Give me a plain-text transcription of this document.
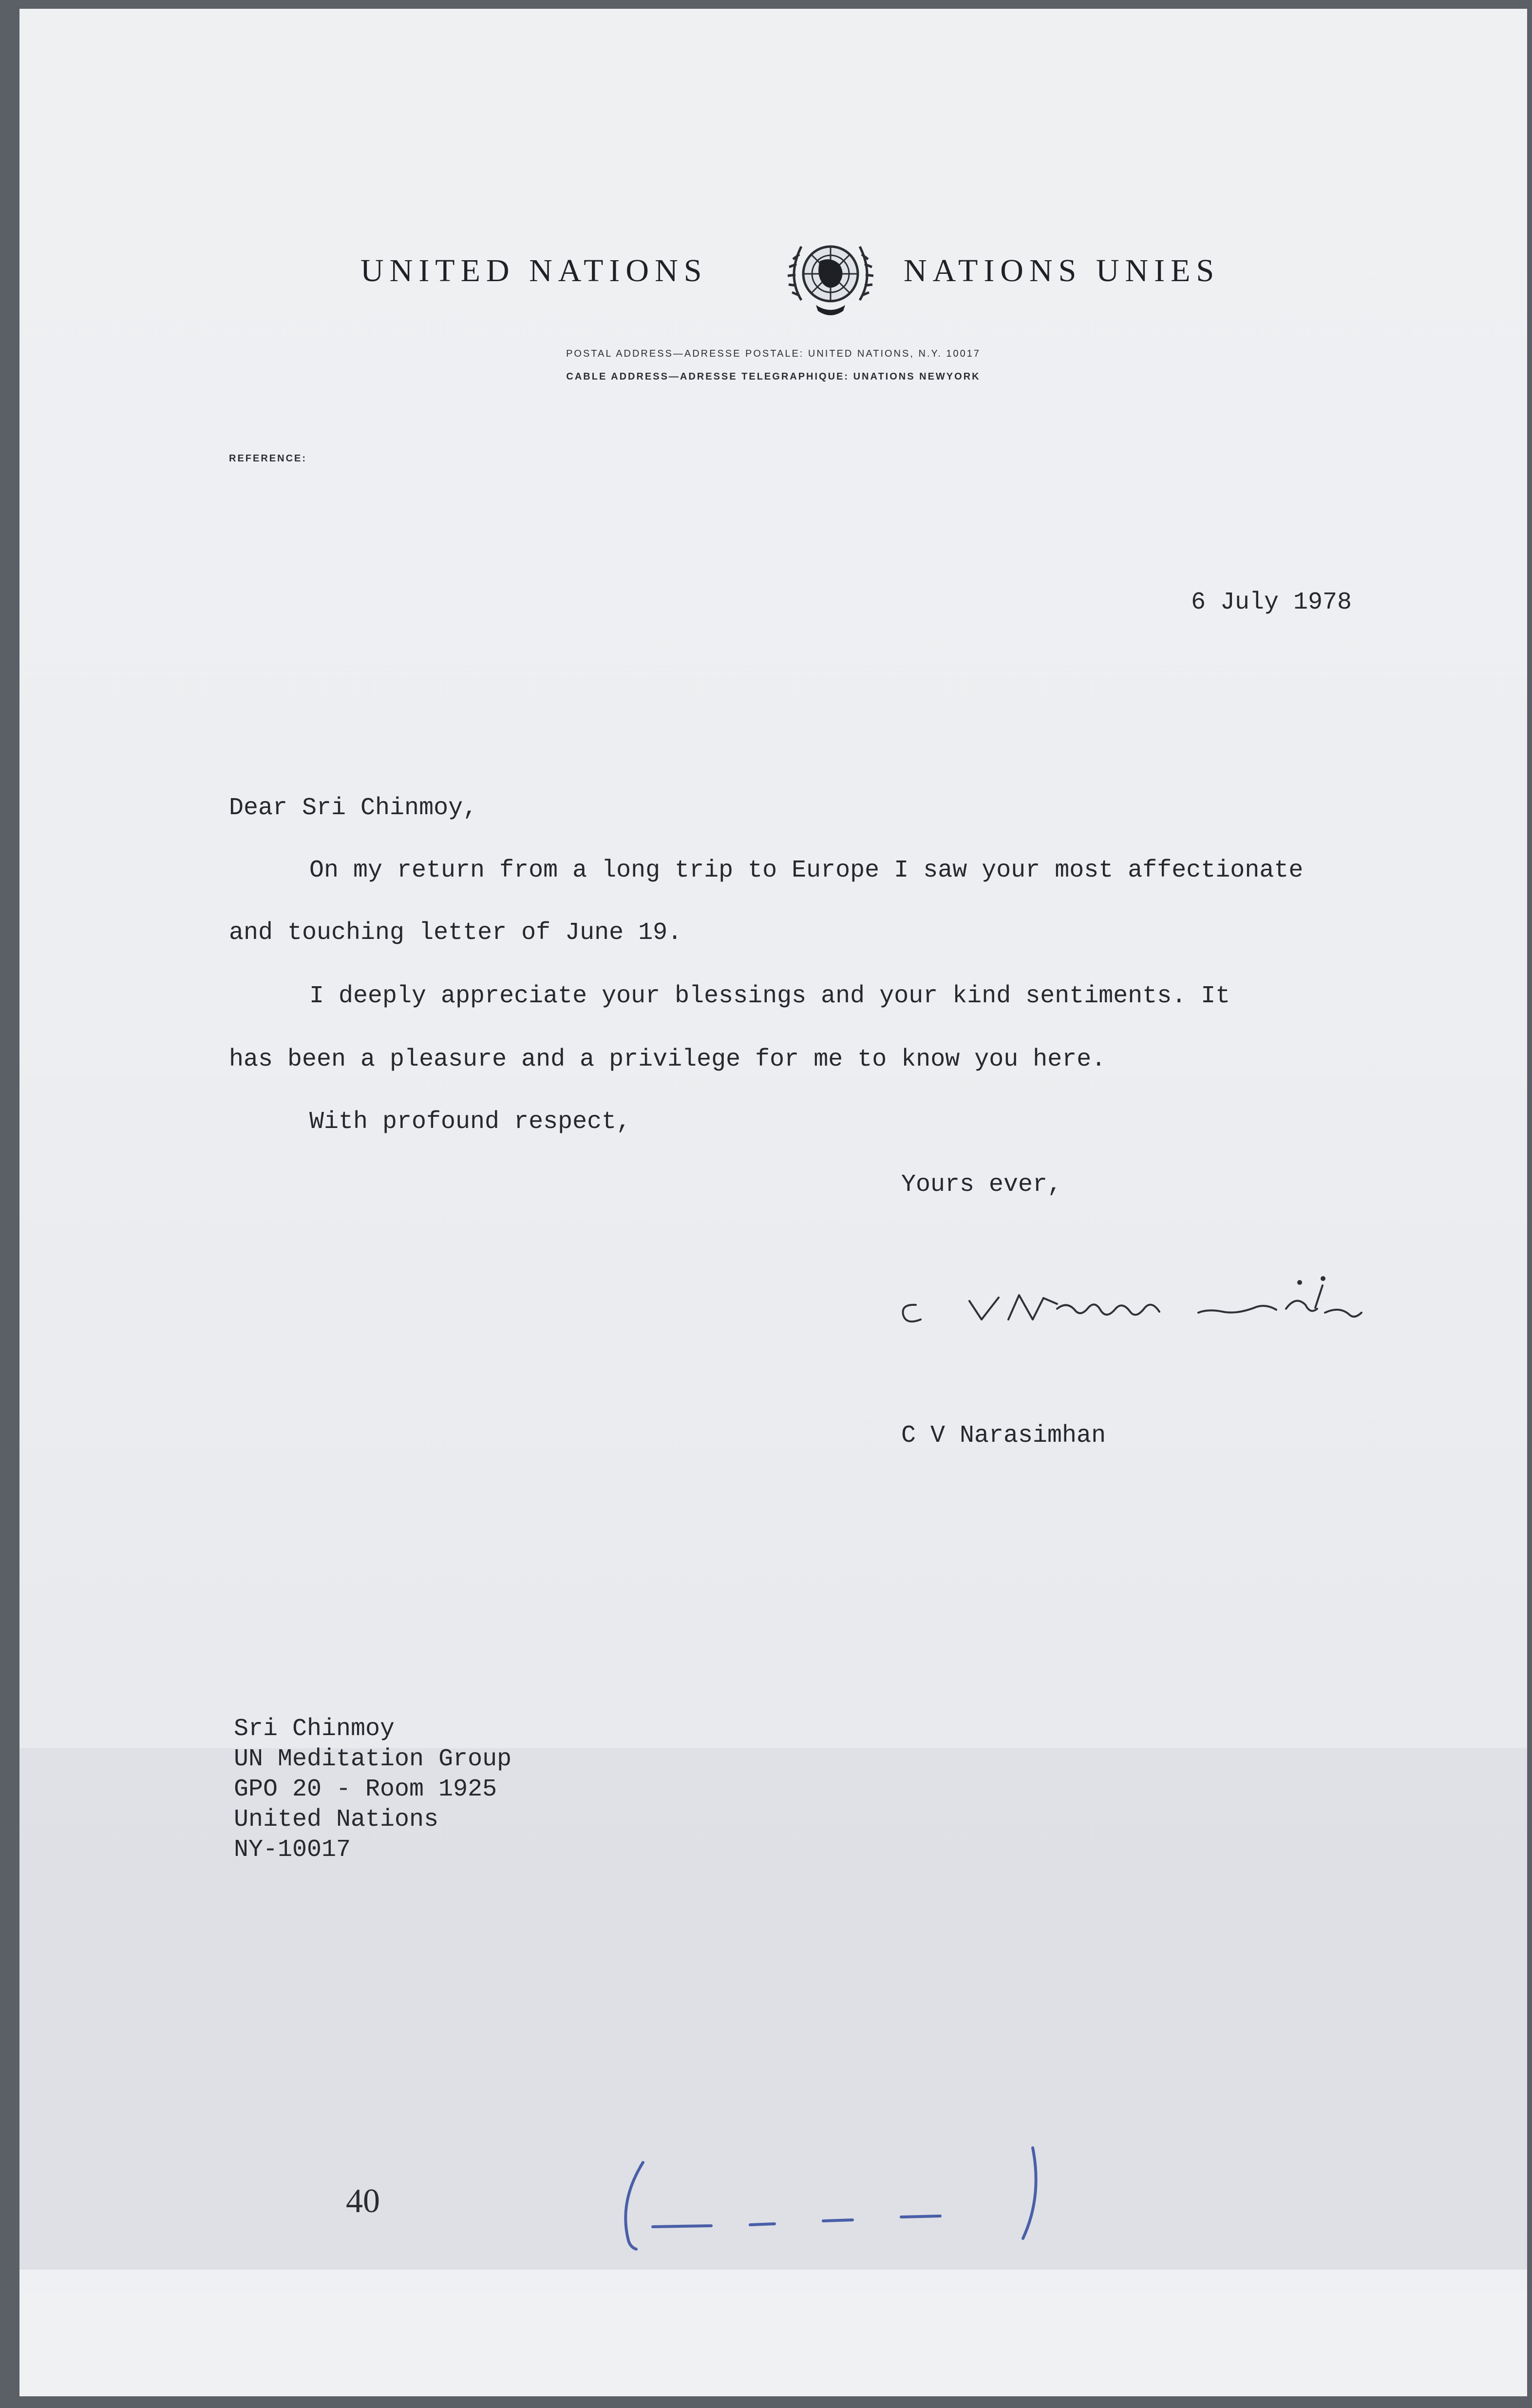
UNITED NATIONS	NATIONS UNIES
POSTAL ADDRESS—ADRESSE POSTALE: UNITED NATIONS, N.Y. 10017
CABLE ADDRESS—ADRESSE TELEGRAPHIQUE: UNATIONS NEWYORK
REFERENCE:
6 July 1978
Dear Sri Chinmoy,
On my return from a long trip to Europe I saw your most affectionate
and touching letter of June 19.
I deeply appreciate your blessings and your kind sentiments. It
has been a pleasure and a privilege for me to know you here.
With profound respect,
Yours ever,
C V Narasimhan
Sri Chinmoy
UN Meditation Group
GPO 20 - Room 1925
United Nations
NY-10017
40
